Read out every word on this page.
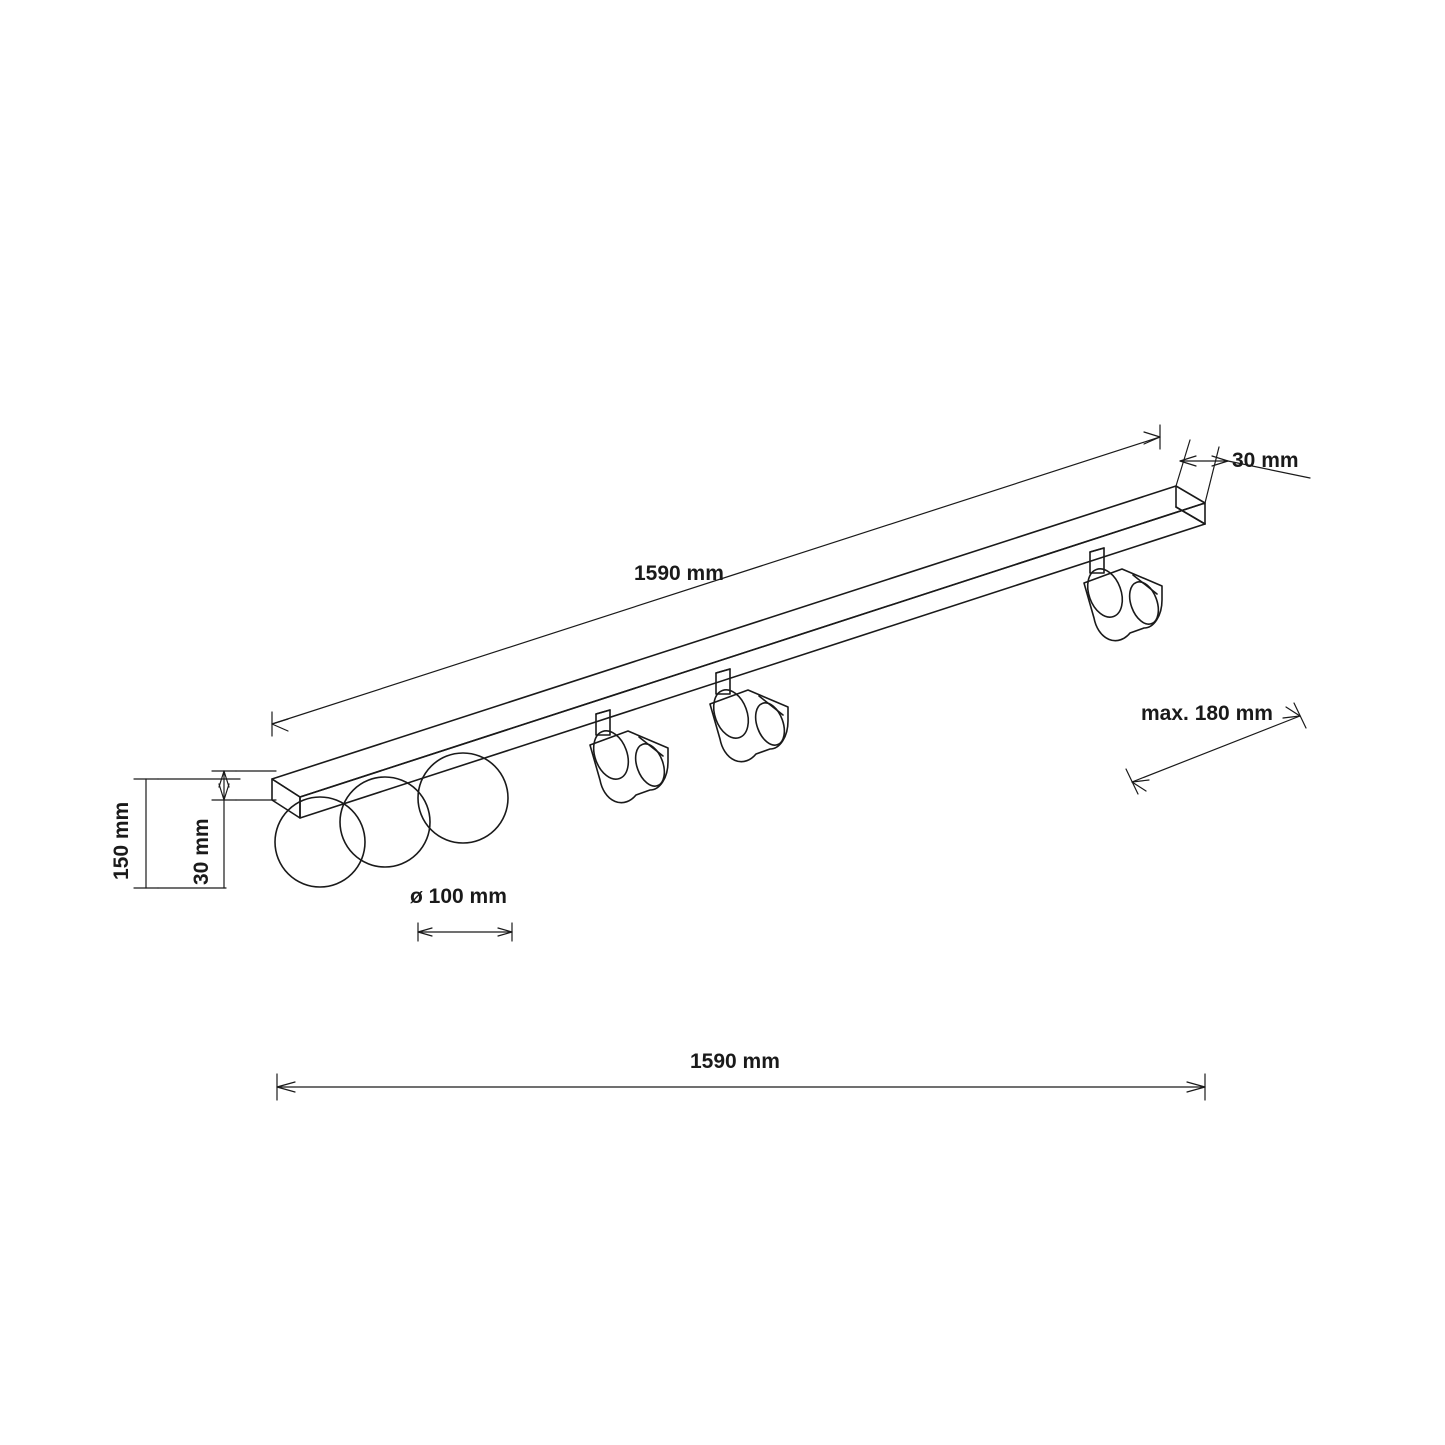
1590 mm
30 mm
max. 180 mm
150 mm	30 mm
ø 100 mm
1590 mm
